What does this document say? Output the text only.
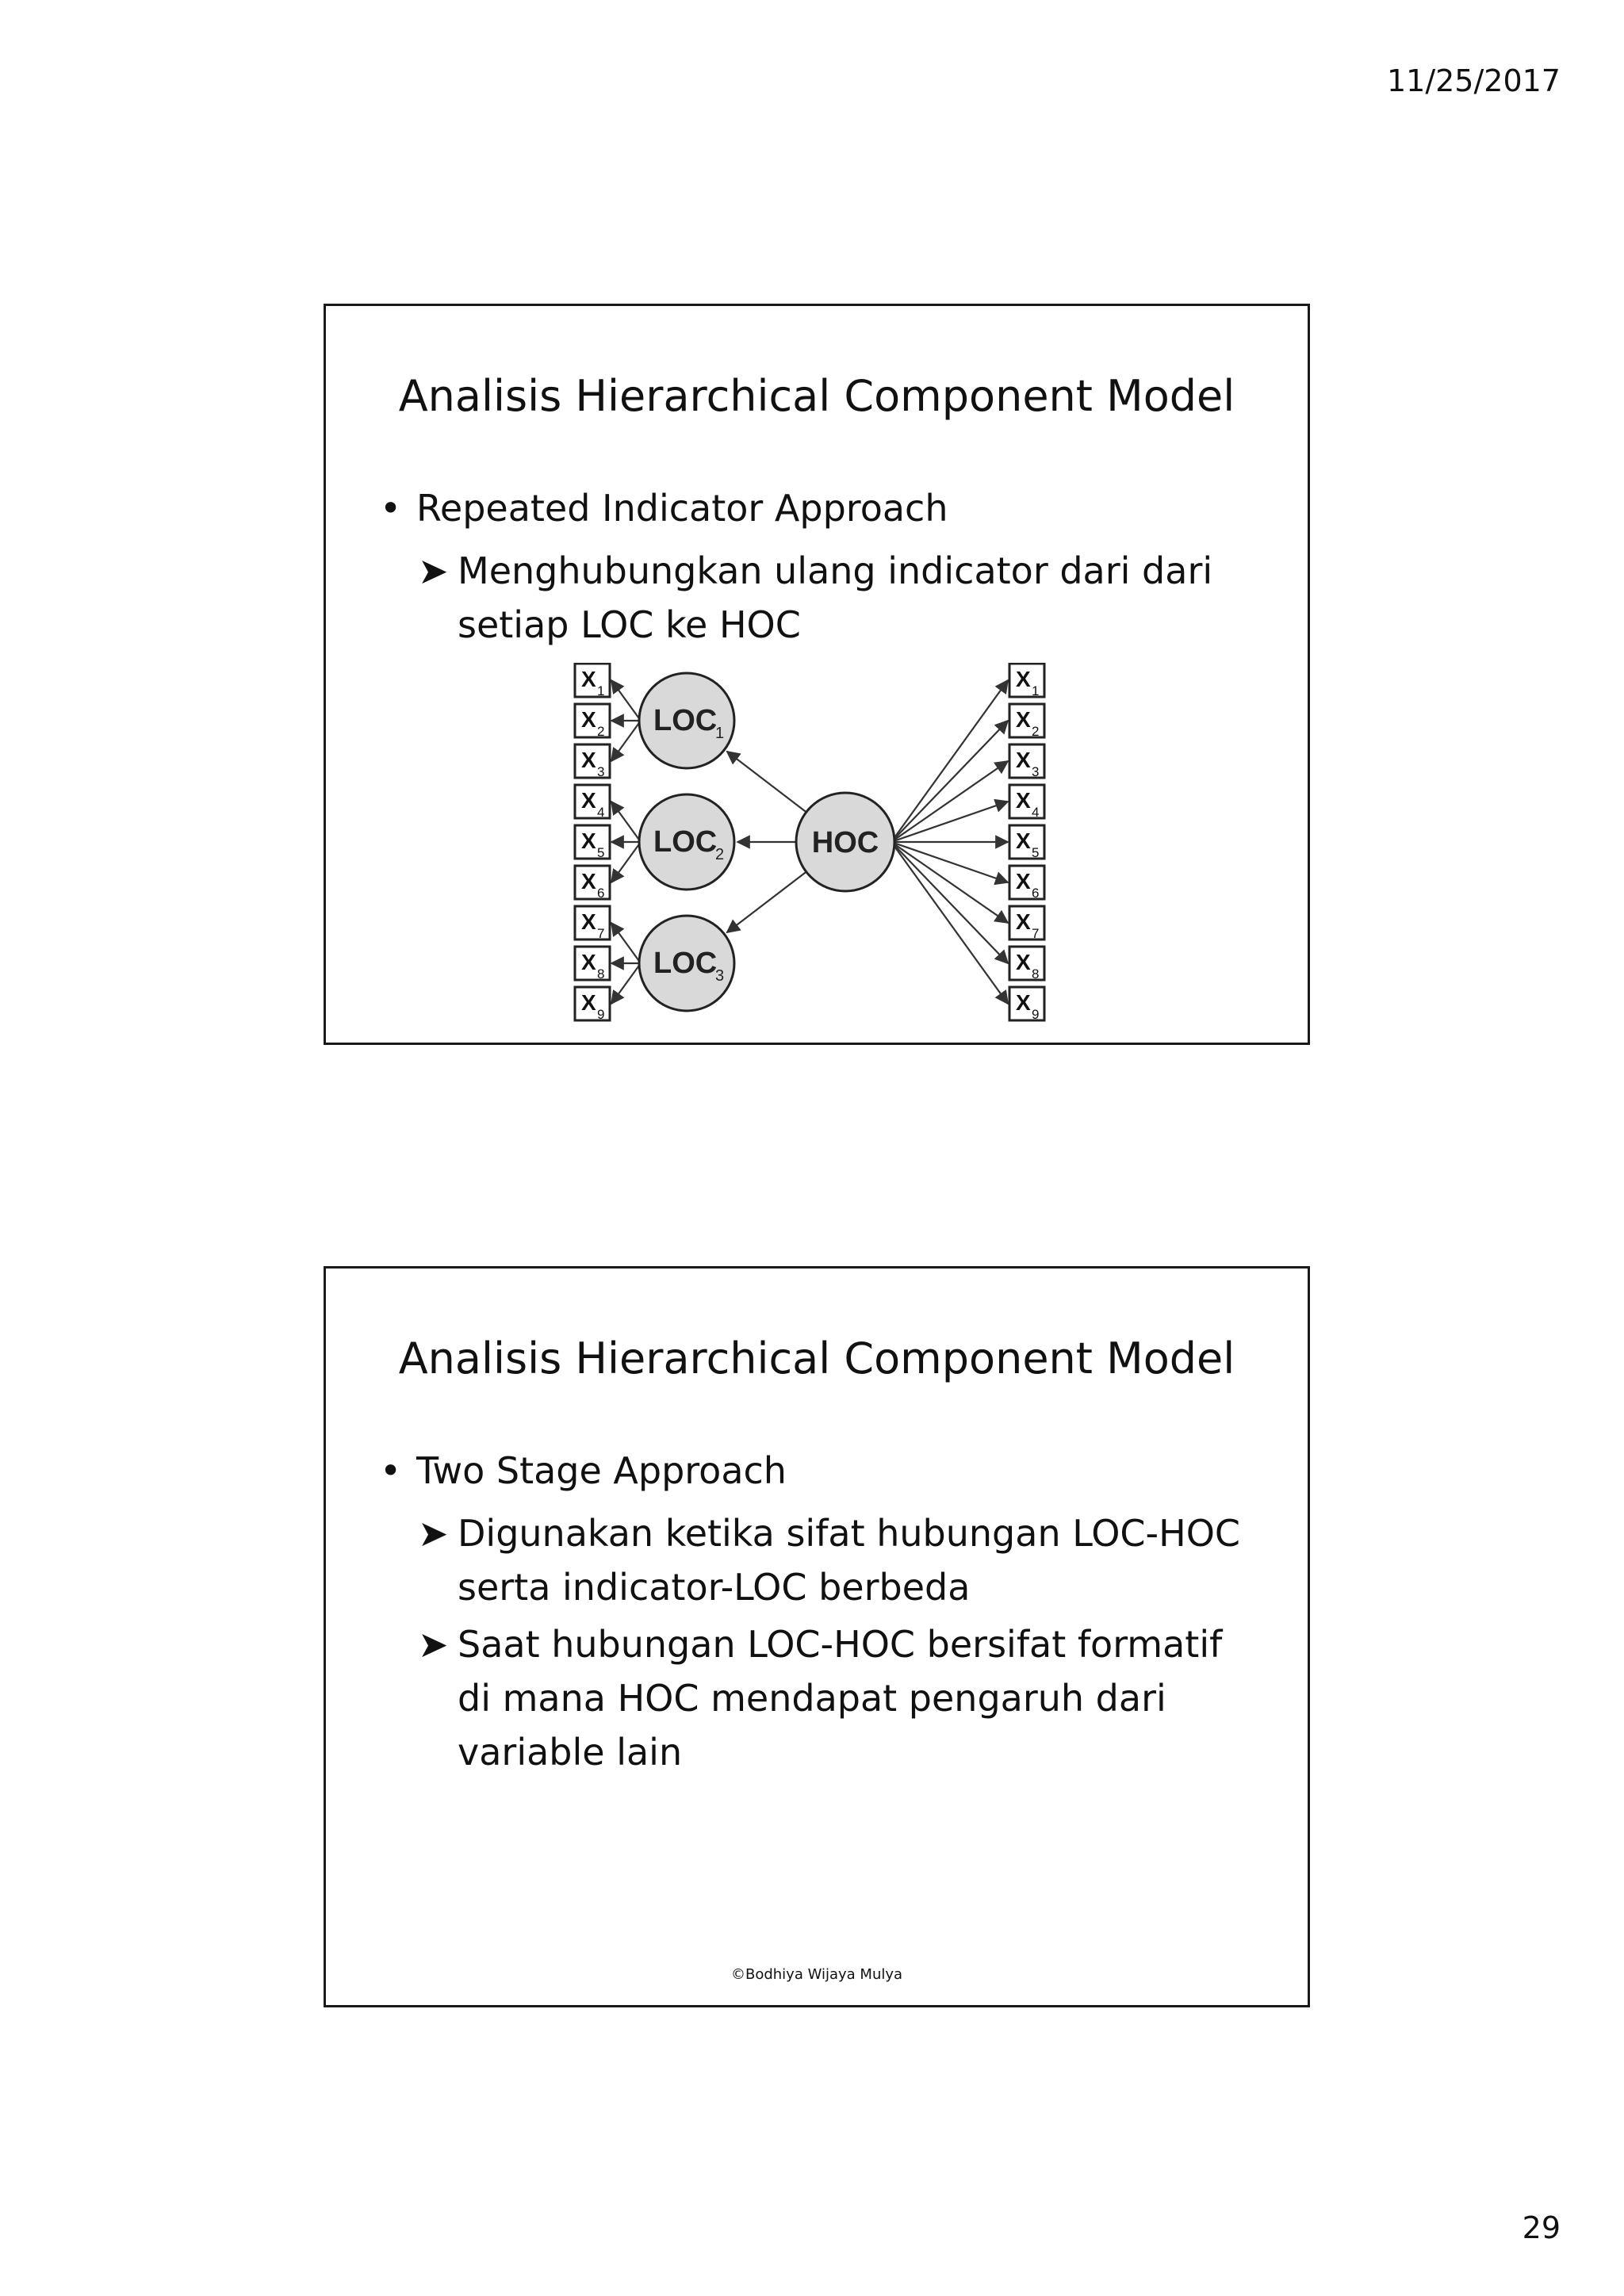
11/25/2017
Analisis Hierarchical Component Model
Repeated Indicator Approach
➤ Menghubungkan ulang indicator dari dari setiap LOC ke HOC
X 1	X 1
X 2	X 2
X 3	X 3
X 4	X 4
X 5	X 5
X 6	X 6
X 7	X 7
X 8	X 8
X 9	X 9
LOC
1
LOC
2
LOC
3
HOC
Analisis Hierarchical Component Model
Two Stage Approach
➤ Digunakan ketika sifat hubungan LOC-HOC serta indicator-LOC berbeda
➤ Saat hubungan LOC-HOC bersifat formatif di mana HOC mendapat pengaruh dari variable lain
©Bodhiya Wijaya Mulya
29
